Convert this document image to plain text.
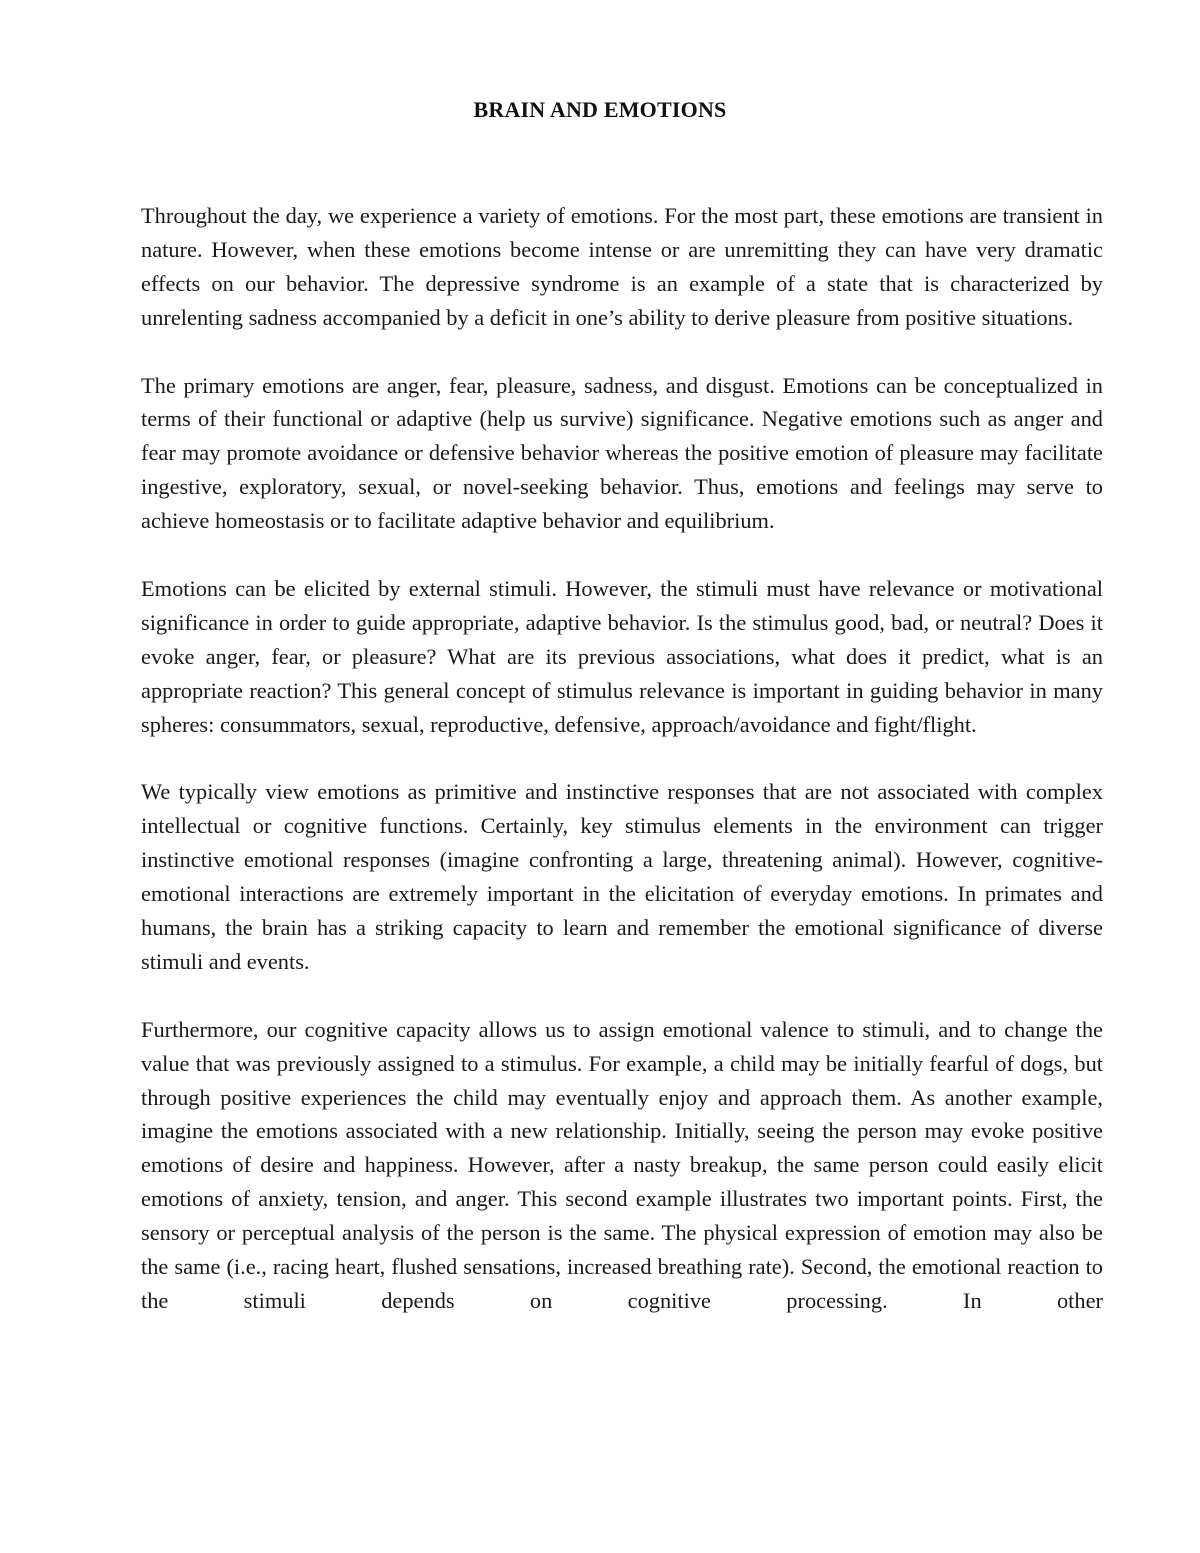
BRAIN AND EMOTIONS

Throughout the day, we experience a variety of emotions. For the most part, these emotions are transient in nature. However, when these emotions become intense or are unremitting they can have very dramatic effects on our behavior. The depressive syndrome is an example of a state that is characterized by unrelenting sadness accompanied by a deficit in one’s ability to derive pleasure from positive situations.

The primary emotions are anger, fear, pleasure, sadness, and disgust. Emotions can be conceptualized in terms of their functional or adaptive (help us survive) significance. Negative emotions such as anger and fear may promote avoidance or defensive behavior whereas the positive emotion of pleasure may facilitate ingestive, exploratory, sexual, or novel-seeking behavior. Thus, emotions and feelings may serve to achieve homeostasis or to facilitate adaptive behavior and equilibrium.

Emotions can be elicited by external stimuli. However, the stimuli must have relevance or motivational significance in order to guide appropriate, adaptive behavior. Is the stimulus good, bad, or neutral? Does it evoke anger, fear, or pleasure? What are its previous associations, what does it predict, what is an appropriate reaction? This general concept of stimulus relevance is important in guiding behavior in many spheres: consummators, sexual, reproductive, defensive, approach/avoidance and fight/flight.

We typically view emotions as primitive and instinctive responses that are not associated with complex intellectual or cognitive functions. Certainly, key stimulus elements in the environment can trigger instinctive emotional responses (imagine confronting a large, threatening animal). However, cognitive-emotional interactions are extremely important in the elicitation of everyday emotions. In primates and humans, the brain has a striking capacity to learn and remember the emotional significance of diverse stimuli and events.

Furthermore, our cognitive capacity allows us to assign emotional valence to stimuli, and to change the value that was previously assigned to a stimulus. For example, a child may be initially fearful of dogs, but through positive experiences the child may eventually enjoy and approach them. As another example, imagine the emotions associated with a new relationship. Initially, seeing the person may evoke positive emotions of desire and happiness. However, after a nasty breakup, the same person could easily elicit emotions of anxiety, tension, and anger. This second example illustrates two important points. First, the sensory or perceptual analysis of the person is the same. The physical expression of emotion may also be the same (i.e., racing heart, flushed sensations, increased breathing rate). Second, the emotional reaction to the stimuli depends on cognitive processing. In other
